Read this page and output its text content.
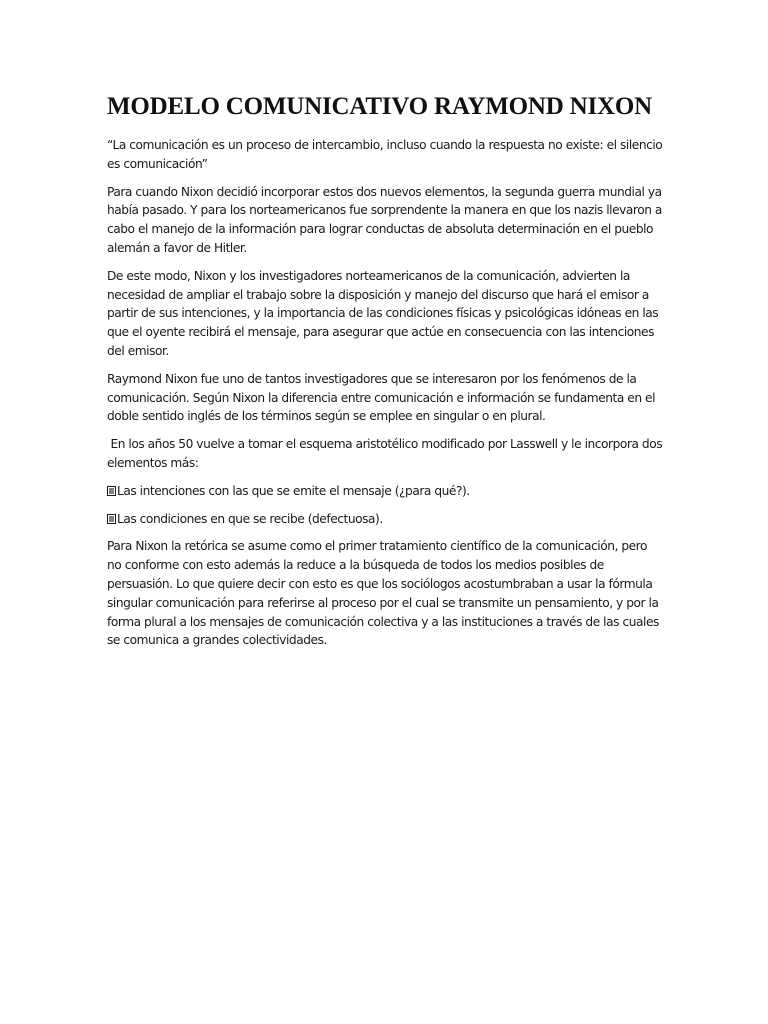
MODELO COMUNICATIVO RAYMOND NIXON

“La comunicación es un proceso de intercambio, incluso cuando la respuesta no existe: el silencio es comunicación”

Para cuando Nixon decidió incorporar estos dos nuevos elementos, la segunda guerra mundial ya había pasado. Y para los norteamericanos fue sorprendente la manera en que los nazis llevaron a cabo el manejo de la información para lograr conductas de absoluta determinación en el pueblo alemán a favor de Hitler.

De este modo, Nixon y los investigadores norteamericanos de la comunicación, advierten la necesidad de ampliar el trabajo sobre la disposición y manejo del discurso que hará el emisor a partir de sus intenciones, y la importancia de las condiciones físicas y psicológicas idóneas en las que el oyente recibirá el mensaje, para asegurar que actúe en consecuencia con las intenciones del emisor.

Raymond Nixon fue uno de tantos investigadores que se interesaron por los fenómenos de la comunicación. Según Nixon la diferencia entre comunicación e información se fundamenta en el doble sentido inglés de los términos según se emplee en singular o en plural.

En los años 50 vuelve a tomar el esquema aristotélico modificado por Lasswell y le incorpora dos elementos más:

Las intenciones con las que se emite el mensaje (¿para qué?).
Las condiciones en que se recibe (defectuosa).

Para Nixon la retórica se asume como el primer tratamiento científico de la comunicación, pero no conforme con esto además la reduce a la búsqueda de todos los medios posibles de persuasión. Lo que quiere decir con esto es que los sociólogos acostumbraban a usar la fórmula singular comunicación para referirse al proceso por el cual se transmite un pensamiento, y por la forma plural a los mensajes de comunicación colectiva y a las instituciones a través de las cuales se comunica a grandes colectividades.
